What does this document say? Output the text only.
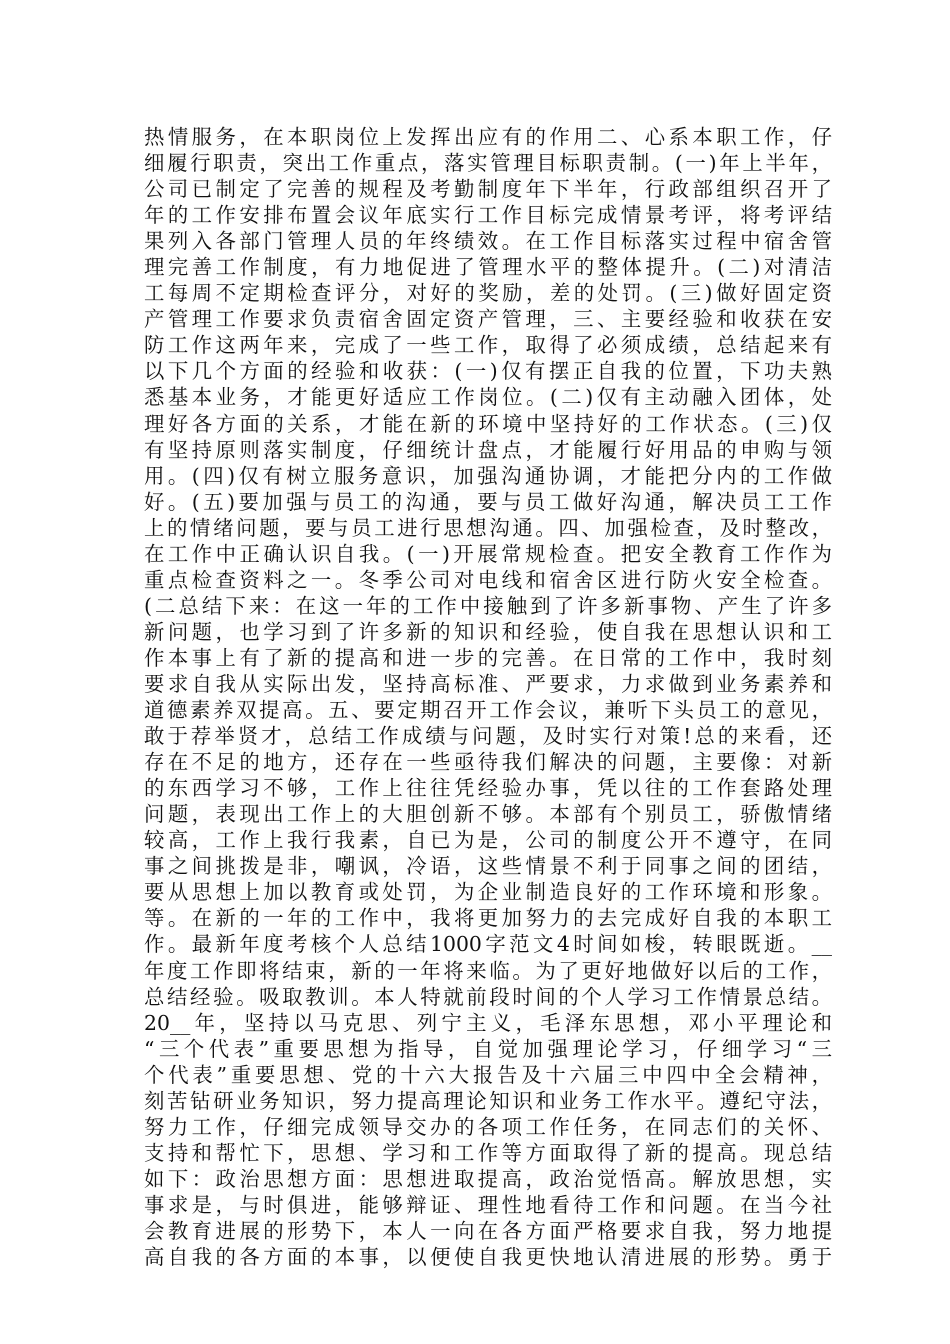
热情服务，在本职岗位上发挥出应有的作用二、心系本职工作，仔
细履行职责，突出工作重点，落实管理目标职责制。(一)年上半年，
公司已制定了完善的规程及考勤制度年下半年，行政部组织召开了
年的工作安排布置会议年底实行工作目标完成情景考评，将考评结
果列入各部门管理人员的年终绩效。在工作目标落实过程中宿舍管
理完善工作制度，有力地促进了管理水平的整体提升。(二)对清洁
工每周不定期检查评分，对好的奖励，差的处罚。(三)做好固定资
产管理工作要求负责宿舍固定资产管理，三、主要经验和收获在安
防工作这两年来，完成了一些工作，取得了必须成绩，总结起来有
以下几个方面的经验和收获：(一)仅有摆正自我的位置，下功夫熟
悉基本业务，才能更好适应工作岗位。(二)仅有主动融入团体，处
理好各方面的关系，才能在新的环境中坚持好的工作状态。(三)仅
有坚持原则落实制度，仔细统计盘点，才能履行好用品的申购与领
用。(四)仅有树立服务意识，加强沟通协调，才能把分内的工作做
好。(五)要加强与员工的沟通，要与员工做好沟通，解决员工工作
上的情绪问题，要与员工进行思想沟通。四、加强检查，及时整改，
在工作中正确认识自我。(一)开展常规检查。把安全教育工作作为
重点检查资料之一。冬季公司对电线和宿舍区进行防火安全检查。
(二总结下来：在这一年的工作中接触到了许多新事物、产生了许多
新问题，也学习到了许多新的知识和经验，使自我在思想认识和工
作本事上有了新的提高和进一步的完善。在日常的工作中，我时刻
要求自我从实际出发，坚持高标准、严要求，力求做到业务素养和
道德素养双提高。五、要定期召开工作会议，兼听下头员工的意见，
敢于荐举贤才，总结工作成绩与问题，及时实行对策!总的来看，还
存在不足的地方，还存在一些亟待我们解决的问题，主要像：对新
的东西学习不够，工作上往往凭经验办事，凭以往的工作套路处理
问题，表现出工作上的大胆创新不够。本部有个别员工，骄傲情绪
较高，工作上我行我素，自已为是，公司的制度公开不遵守，在同
事之间挑拨是非，嘲讽，冷语，这些情景不利于同事之间的团结，
要从思想上加以教育或处罚，为企业制造良好的工作环境和形象。
等。在新的一年的工作中，我将更加努力的去完成好自我的本职工
作。最新年度考核个人总结1000字范文4时间如梭，转眼既逝。__
年度工作即将结束，新的一年将来临。为了更好地做好以后的工作，
总结经验。吸取教训。本人特就前段时间的个人学习工作情景总结。
20__年，坚持以马克思、列宁主义，毛泽东思想，邓小平理论和
“三个代表”重要思想为指导，自觉加强理论学习，仔细学习“三
个代表”重要思想、党的十六大报告及十六届三中四中全会精神，
刻苦钻研业务知识，努力提高理论知识和业务工作水平。遵纪守法，
努力工作，仔细完成领导交办的各项工作任务，在同志们的关怀、
支持和帮忙下，思想、学习和工作等方面取得了新的提高。现总结
如下：政治思想方面：思想进取提高，政治觉悟高。解放思想，实
事求是，与时俱进，能够辩证、理性地看待工作和问题。在当今社
会教育进展的形势下，本人一向在各方面严格要求自我，努力地提
高自我的各方面的本事，以便使自我更快地认清进展的形势。勇于
